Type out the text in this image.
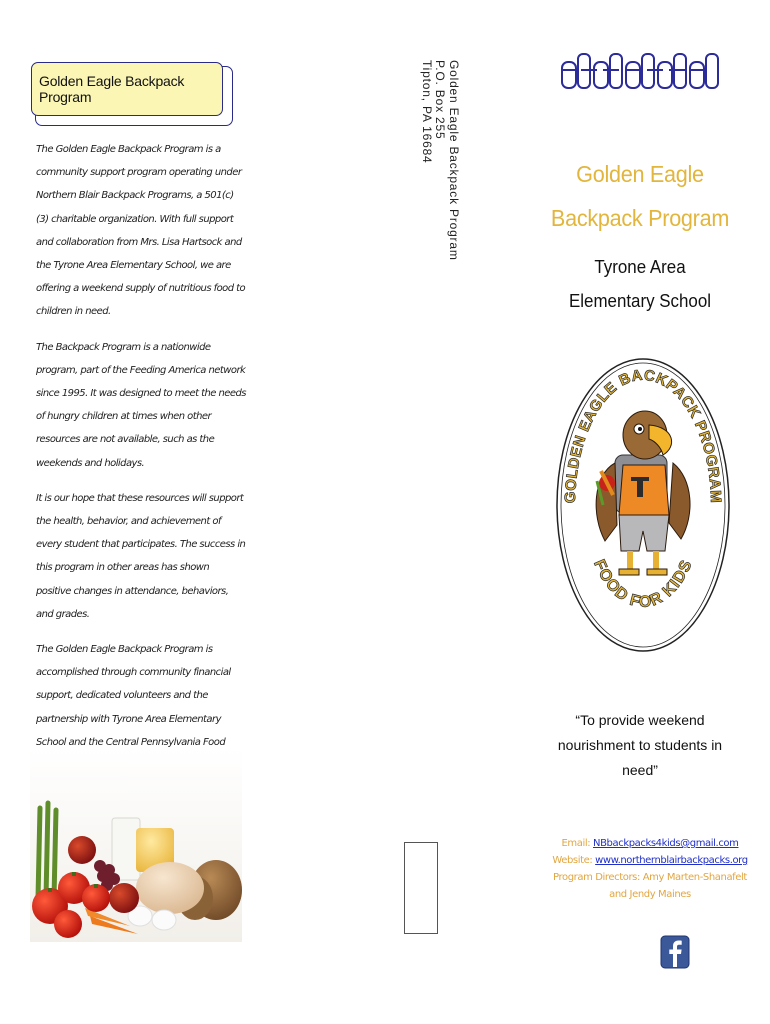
Golden Eagle Backpack Program

The Golden Eagle Backpack Program is a community support program operating under Northern Blair Backpack Programs, a 501(c)(3) charitable organization. With full support and collaboration from Mrs. Lisa Hartsock and the Tyrone Area Elementary School, we are offering a weekend supply of nutritious food to children in need.

The Backpack Program is a nationwide program, part of the Feeding America network since 1995. It was designed to meet the needs of hungry children at times when other resources are not available, such as the weekends and holidays.

It is our hope that these resources will support the health, behavior, and achievement of every student that participates. The success in this program in other areas has shown positive changes in attendance, behaviors, and grades.

The Golden Eagle Backpack Program is accomplished through community financial support, dedicated volunteers and the partnership with Tyrone Area Elementary School and the Central Pennsylvania Food

Golden Eagle Backpack Program
P.O. Box 255
Tipton, PA 16684
Golden Eagle
Backpack Program
Tyrone Area
Elementary School
GOLDEN EAGLE BACKPACK PROGRAM
FOOD FOR KIDS
“To provide weekend
nourishment to students in
need”
Email: NBbackpacks4kids@gmail.com
Website: www.northernblairbackpacks.org
Program Directors: Amy Marten-Shanafelt
and Jendy Maines
